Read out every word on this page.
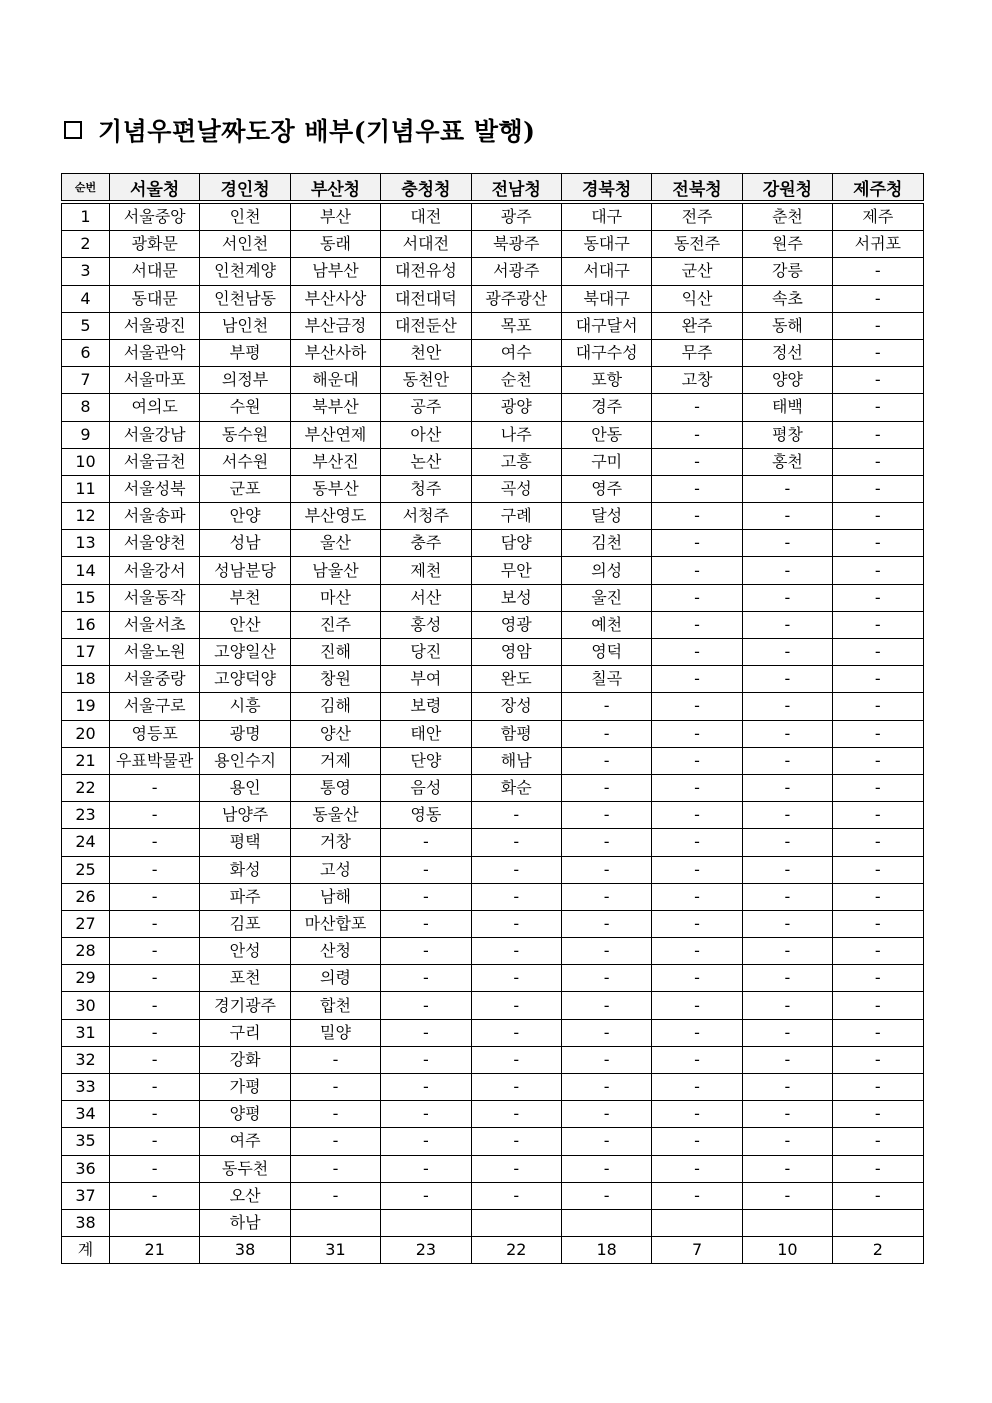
기념우편날짜도장 배부(기념우표 발행)
순번	서울청	경인청	부산청	충청청	전남청	경북청	전북청	강원청	제주청
1	서울중앙	인천	부산	대전	광주	대구	전주	춘천	제주
2	광화문	서인천	동래	서대전	북광주	동대구	동전주	원주	서귀포
3	서대문	인천계양	남부산	대전유성	서광주	서대구	군산	강릉	-
4	동대문	인천남동	부산사상	대전대덕	광주광산	북대구	익산	속초	-
5	서울광진	남인천	부산금정	대전둔산	목포	대구달서	완주	동해	-
6	서울관악	부평	부산사하	천안	여수	대구수성	무주	정선	-
7	서울마포	의정부	해운대	동천안	순천	포항	고창	양양	-
8	여의도	수원	북부산	공주	광양	경주	-	태백	-
9	서울강남	동수원	부산연제	아산	나주	안동	-	평창	-
10	서울금천	서수원	부산진	논산	고흥	구미	-	홍천	-
11	서울성북	군포	동부산	청주	곡성	영주	-	-	-
12	서울송파	안양	부산영도	서청주	구례	달성	-	-	-
13	서울양천	성남	울산	충주	담양	김천	-	-	-
14	서울강서	성남분당	남울산	제천	무안	의성	-	-	-
15	서울동작	부천	마산	서산	보성	울진	-	-	-
16	서울서초	안산	진주	홍성	영광	예천	-	-	-
17	서울노원	고양일산	진해	당진	영암	영덕	-	-	-
18	서울중랑	고양덕양	창원	부여	완도	칠곡	-	-	-
19	서울구로	시흥	김해	보령	장성	-	-	-	-
20	영등포	광명	양산	태안	함평	-	-	-	-
21	우표박물관	용인수지	거제	단양	해남	-	-	-	-
22	-	용인	통영	음성	화순	-	-	-	-
23	-	남양주	동울산	영동	-	-	-	-	-
24	-	평택	거창	-	-	-	-	-	-
25	-	화성	고성	-	-	-	-	-	-
26	-	파주	남해	-	-	-	-	-	-
27	-	김포	마산합포	-	-	-	-	-	-
28	-	안성	산청	-	-	-	-	-	-
29	-	포천	의령	-	-	-	-	-	-
30	-	경기광주	합천	-	-	-	-	-	-
31	-	구리	밀양	-	-	-	-	-	-
32	-	강화	-	-	-	-	-	-	-
33	-	가평	-	-	-	-	-	-	-
34	-	양평	-	-	-	-	-	-	-
35	-	여주	-	-	-	-	-	-	-
36	-	동두천	-	-	-	-	-	-	-
37	-	오산	-	-	-	-	-	-	-
38		하남							
계	21	38	31	23	22	18	7	10	2
